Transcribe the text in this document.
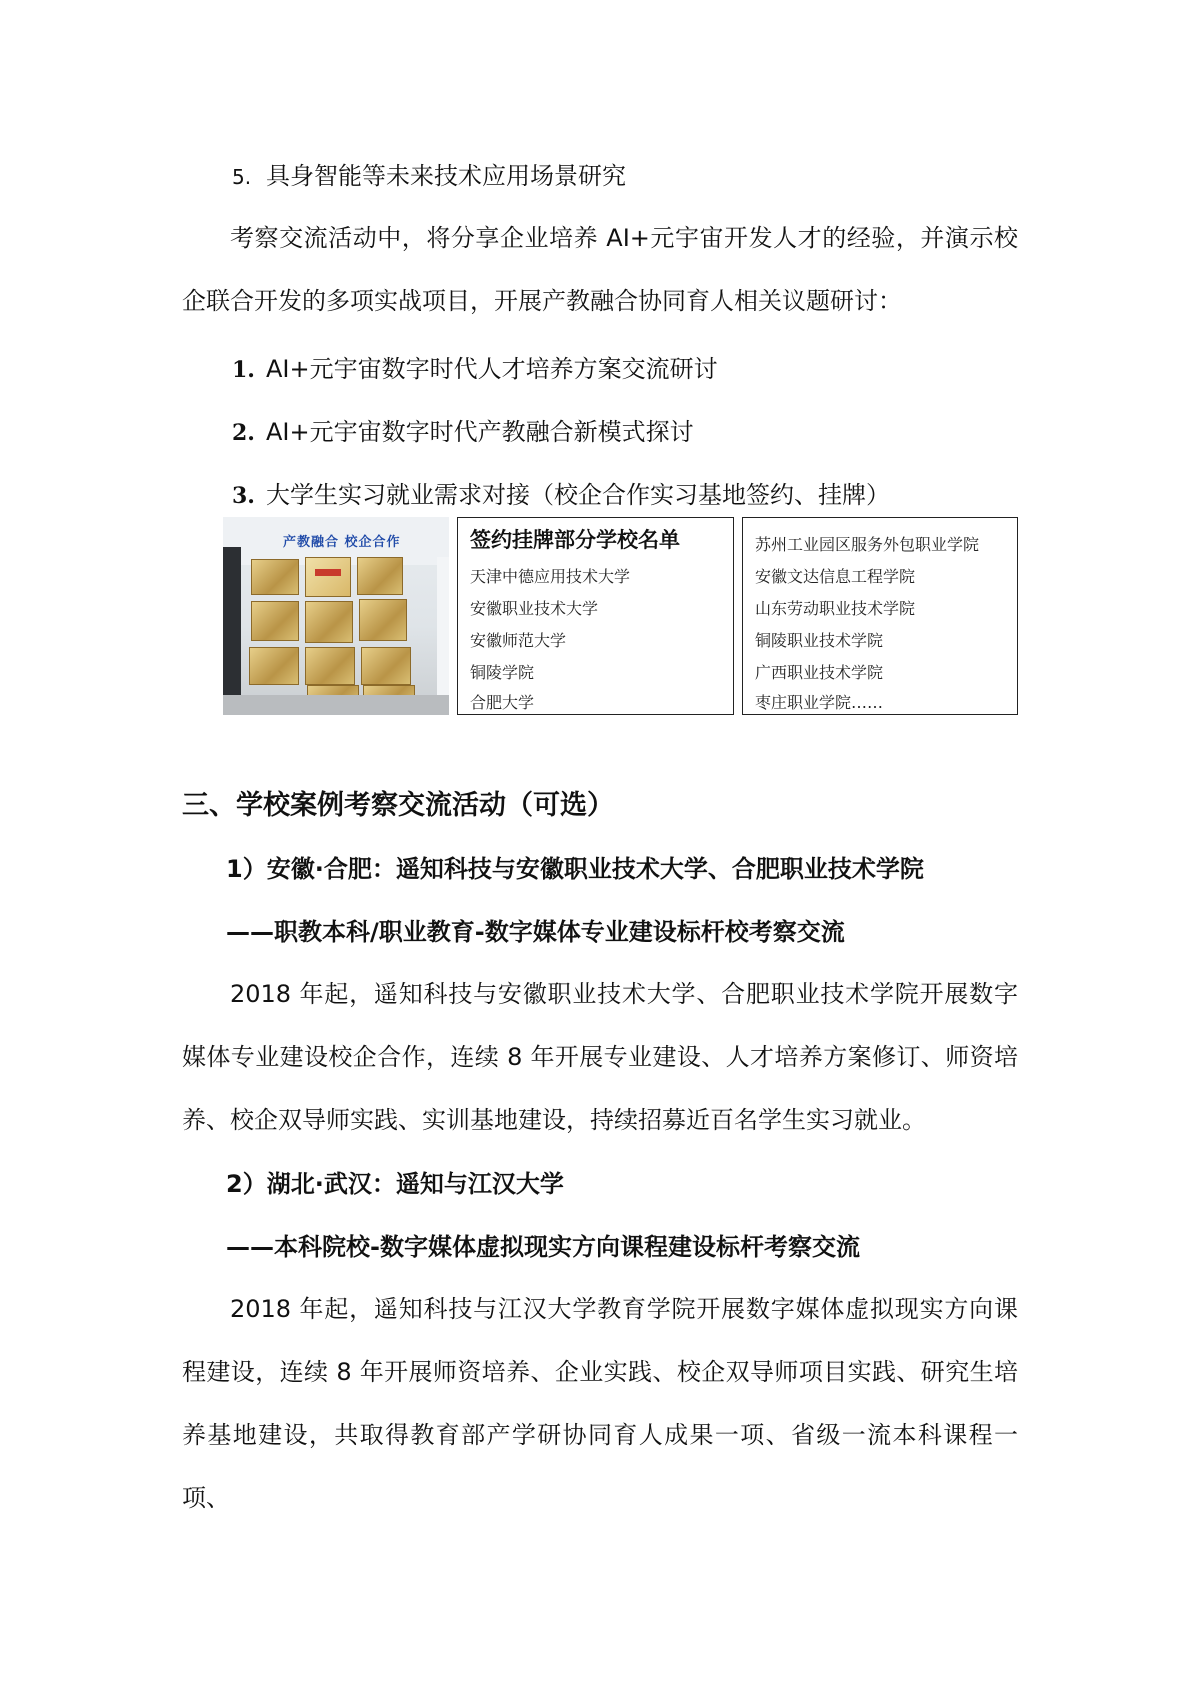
5. 具身智能等未来技术应用场景研究
考察交流活动中，将分享企业培养 AI+元宇宙开发人才的经验，并演示校企联合开发的多项实战项目，开展产教融合协同育人相关议题研讨：
1. AI+元宇宙数字时代人才培养方案交流研讨
2. AI+元宇宙数字时代产教融合新模式探讨
3. 大学生实习就业需求对接（校企合作实习基地签约、挂牌）
产教融合 校企合作	签约挂牌部分学校名单
天津中德应用技术大学
安徽职业技术大学
安徽师范大学
铜陵学院
合肥大学
苏州工业园区服务外包职业学院
安徽文达信息工程学院
山东劳动职业技术学院
铜陵职业技术学院
广西职业技术学院
枣庄职业学院……
三、学校案例考察交流活动（可选）
1）安徽·合肥：遥知科技与安徽职业技术大学、合肥职业技术学院
——职教本科/职业教育-数字媒体专业建设标杆校考察交流
2018 年起，遥知科技与安徽职业技术大学、合肥职业技术学院开展数字媒体专业建设校企合作，连续 8 年开展专业建设、人才培养方案修订、师资培养、校企双导师实践、实训基地建设，持续招募近百名学生实习就业。
2）湖北·武汉：遥知与江汉大学
——本科院校-数字媒体虚拟现实方向课程建设标杆考察交流
2018 年起，遥知科技与江汉大学教育学院开展数字媒体虚拟现实方向课程建设，连续 8 年开展师资培养、企业实践、校企双导师项目实践、研究生培养基地建设，共取得教育部产学研协同育人成果一项、省级一流本科课程一项、
